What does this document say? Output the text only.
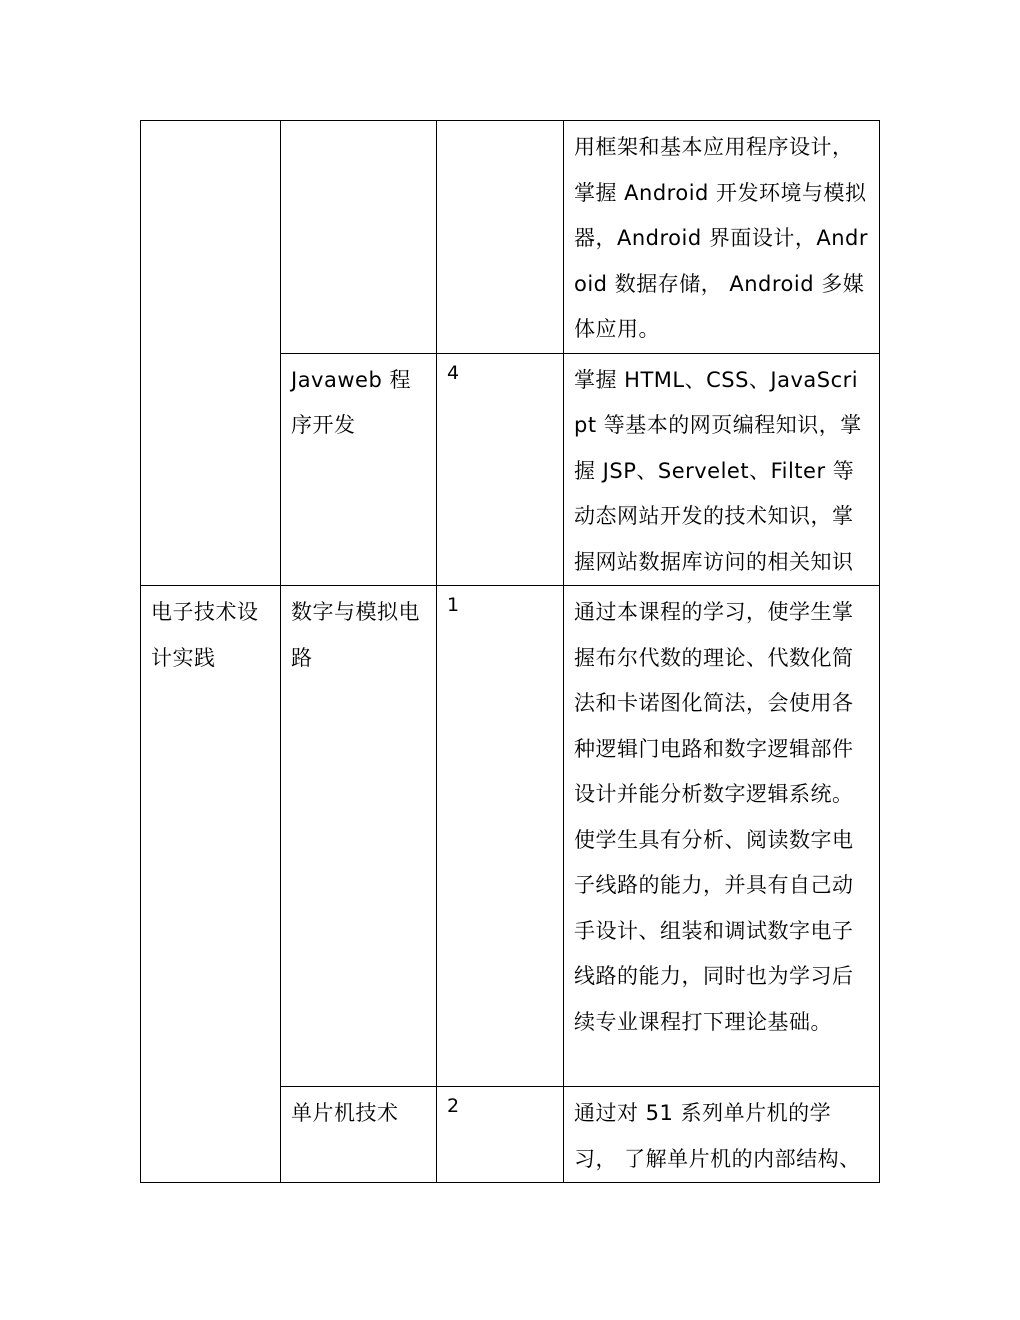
			用框架和基本应用程序设计，掌握 Android 开发环境与模拟器，Android 界面设计，Android 数据存储， Android 多媒体应用。
	Javaweb 程序开发	4	掌握 HTML、CSS、JavaScript 等基本的网页编程知识，掌握 JSP、Servelet、Filter 等动态网站开发的技术知识，掌握网站数据库访问的相关知识
电子技术设计实践	数字与模拟电路	1	通过本课程的学习，使学生掌握布尔代数的理论、代数化简法和卡诺图化简法，会使用各种逻辑门电路和数字逻辑部件设计并能分析数字逻辑系统。使学生具有分析、阅读数字电子线路的能力，并具有自己动手设计、组装和调试数字电子线路的能力，同时也为学习后续专业课程打下理论基础。
	单片机技术	2	通过对 51 系列单片机的学习， 了解单片机的内部结构、
